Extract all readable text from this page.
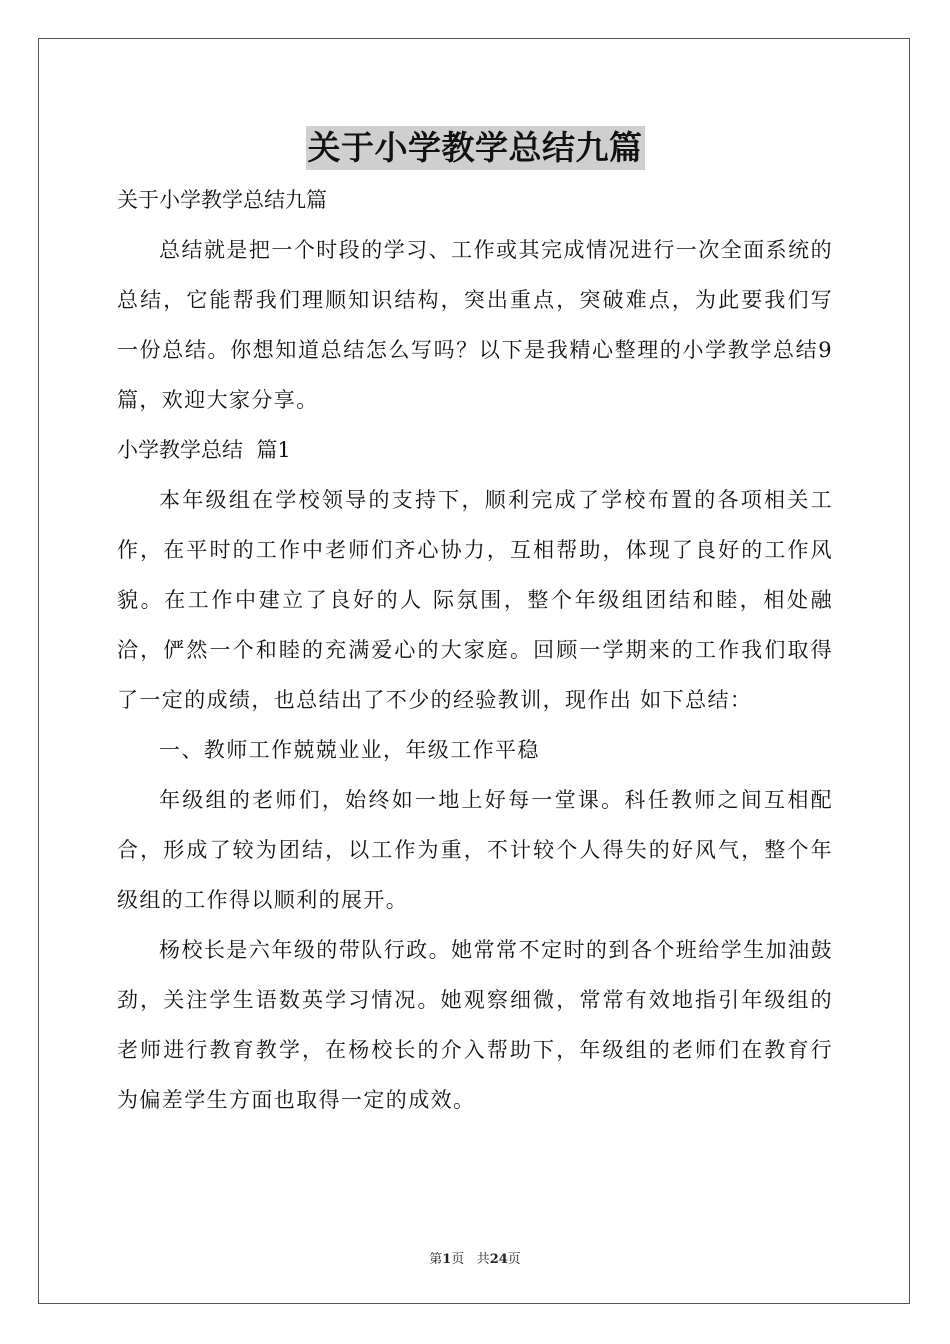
关于小学教学总结九篇

关于小学教学总结九篇

总结就是把一个时段的学习、工作或其完成情况进行一次全面系统的总结，它能帮我们理顺知识结构，突出重点，突破难点，为此要我们写一份总结。你想知道总结怎么写吗？以下是我精心整理的小学教学总结9篇，欢迎大家分享。

小学教学总结  篇1

本年级组在学校领导的支持下，顺利完成了学校布置的各项相关工作，在平时的工作中老师们齐心协力，互相帮助，体现了良好的工作风貌。在工作中建立了良好的人 际氛围，整个年级组团结和睦，相处融洽，俨然一个和睦的充满爱心的大家庭。回顾一学期来的工作我们取得了一定的成绩，也总结出了不少的经验教训，现作出 如下总结：

一、教师工作兢兢业业，年级工作平稳

年级组的老师们，始终如一地上好每一堂课。科任教师之间互相配合，形成了较为团结，以工作为重，不计较个人得失的好风气，整个年级组的工作得以顺利的展开。

杨校长是六年级的带队行政。她常常不定时的到各个班给学生加油鼓劲，关注学生语数英学习情况。她观察细微，常常有效地指引年级组的老师进行教育教学，在杨校长的介入帮助下，年级组的老师们在教育行为偏差学生方面也取得一定的成效。

第1页 共24页
